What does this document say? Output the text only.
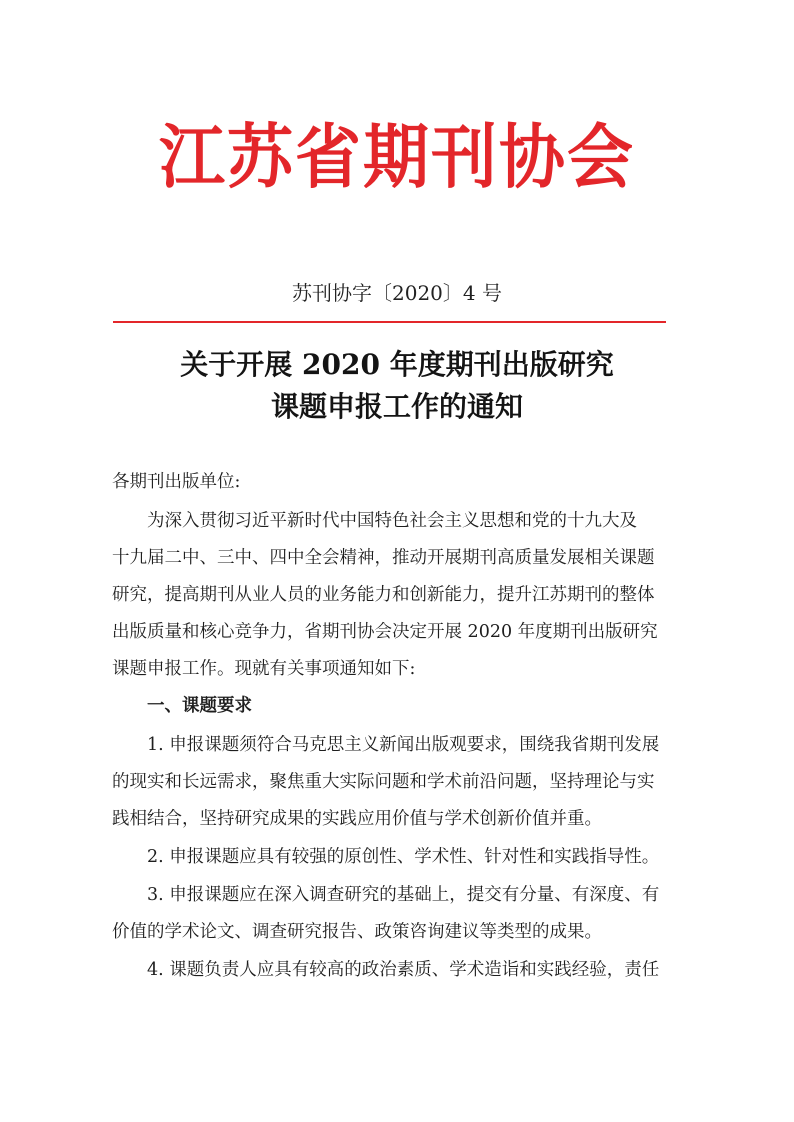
江苏省期刊协会
苏刊协字〔2020〕4 号
关于开展 2020 年度期刊出版研究
课题申报工作的通知
各期刊出版单位:
为深入贯彻习近平新时代中国特色社会主义思想和党的十九大及
十九届二中、三中、四中全会精神，推动开展期刊高质量发展相关课题
研究，提高期刊从业人员的业务能力和创新能力，提升江苏期刊的整体
出版质量和核心竞争力，省期刊协会决定开展 2020 年度期刊出版研究
课题申报工作。现就有关事项通知如下:
一、课题要求
1. 申报课题须符合马克思主义新闻出版观要求，围绕我省期刊发展
的现实和长远需求，聚焦重大实际问题和学术前沿问题，坚持理论与实
践相结合，坚持研究成果的实践应用价值与学术创新价值并重。
2. 申报课题应具有较强的原创性、学术性、针对性和实践指导性。
3. 申报课题应在深入调查研究的基础上，提交有分量、有深度、有
价值的学术论文、调查研究报告、政策咨询建议等类型的成果。
4. 课题负责人应具有较高的政治素质、学术造诣和实践经验，责任
